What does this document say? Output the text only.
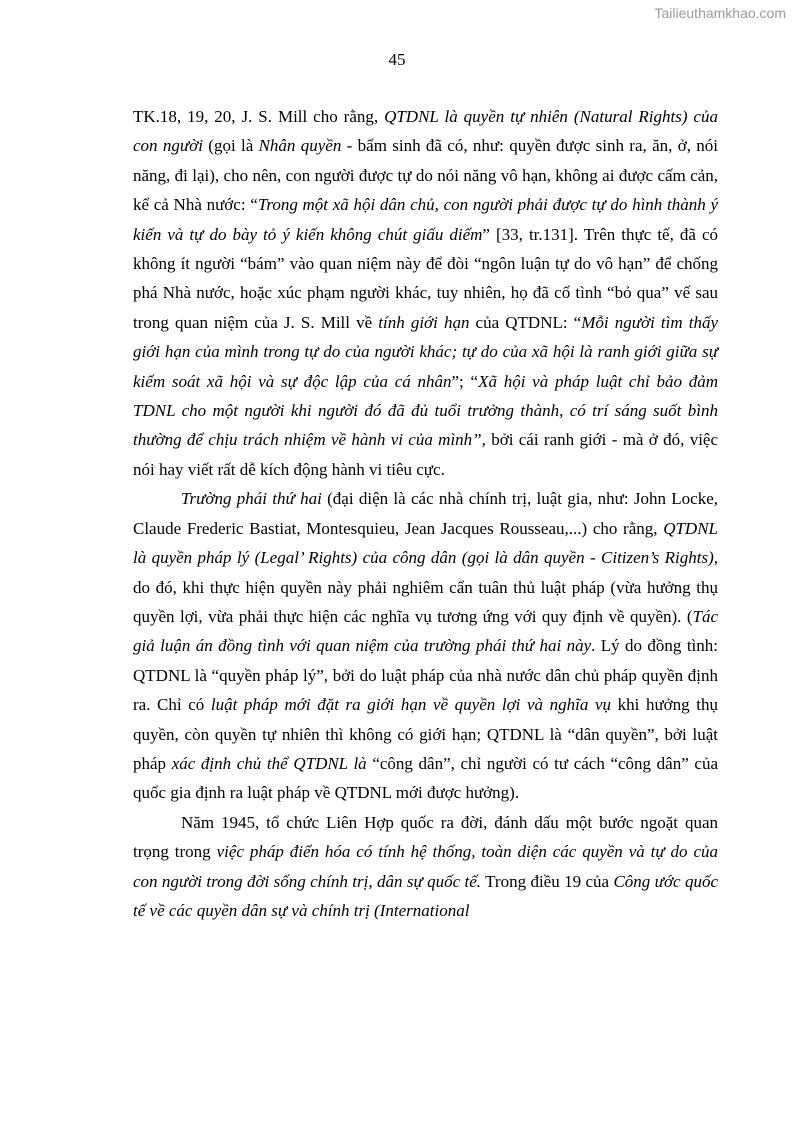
Tailieuthamkhao.com
45

TK.18, 19, 20, J. S. Mill cho rằng, QTDNL là quyền tự nhiên (Natural Rights) của con người (gọi là Nhân quyền - bẩm sinh đã có, như: quyền được sinh ra, ăn, ở, nói năng, đi lại), cho nên, con người được tự do nói năng vô hạn, không ai được cấm cản, kể cả Nhà nước: “Trong một xã hội dân chủ, con người phải được tự do hình thành ý kiến và tự do bày tỏ ý kiến không chút giấu diếm” [33, tr.131]. Trên thực tế, đã có không ít người “bám” vào quan niệm này để đòi “ngôn luận tự do vô hạn” để chống phá Nhà nước, hoặc xúc phạm người khác, tuy nhiên, họ đã cố tình “bỏ qua” vế sau trong quan niệm của J. S. Mill về tính giới hạn của QTDNL: “Mỗi người tìm thấy giới hạn của mình trong tự do của người khác; tự do của xã hội là ranh giới giữa sự kiểm soát xã hội và sự độc lập của cá nhân”; “Xã hội và pháp luật chỉ bảo đảm TDNL cho một người khi người đó đã đủ tuổi trưởng thành, có trí sáng suốt bình thường để chịu trách nhiệm về hành vi của mình”, bởi cái ranh giới - mà ở đó, việc nói hay viết rất dễ kích động hành vi tiêu cực.

Trường phái thứ hai (đại diện là các nhà chính trị, luật gia, như: John Locke, Claude Frederic Bastiat, Montesquieu, Jean Jacques Rousseau,...) cho rằng, QTDNL là quyền pháp lý (Legal’ Rights) của công dân (gọi là dân quyền - Citizen’s Rights), do đó, khi thực hiện quyền này phải nghiêm cẩn tuân thủ luật pháp (vừa hưởng thụ quyền lợi, vừa phải thực hiện các nghĩa vụ tương ứng với quy định về quyền). (Tác giả luận án đồng tình với quan niệm của trường phái thứ hai này. Lý do đồng tình: QTDNL là “quyền pháp lý”, bởi do luật pháp của nhà nước dân chủ pháp quyền định ra. Chỉ có luật pháp mới đặt ra giới hạn về quyền lợi và nghĩa vụ khi hưởng thụ quyền, còn quyền tự nhiên thì không có giới hạn; QTDNL là “dân quyền”, bởi luật pháp xác định chủ thể QTDNL là “công dân”, chỉ người có tư cách “công dân” của quốc gia định ra luật pháp về QTDNL mới được hưởng).

Năm 1945, tổ chức Liên Hợp quốc ra đời, đánh dấu một bước ngoặt quan trọng trong việc pháp điển hóa có tính hệ thống, toàn diện các quyền và tự do của con người trong đời sống chính trị, dân sự quốc tế. Trong điều 19 của Công ước quốc tế về các quyền dân sự và chính trị (International
